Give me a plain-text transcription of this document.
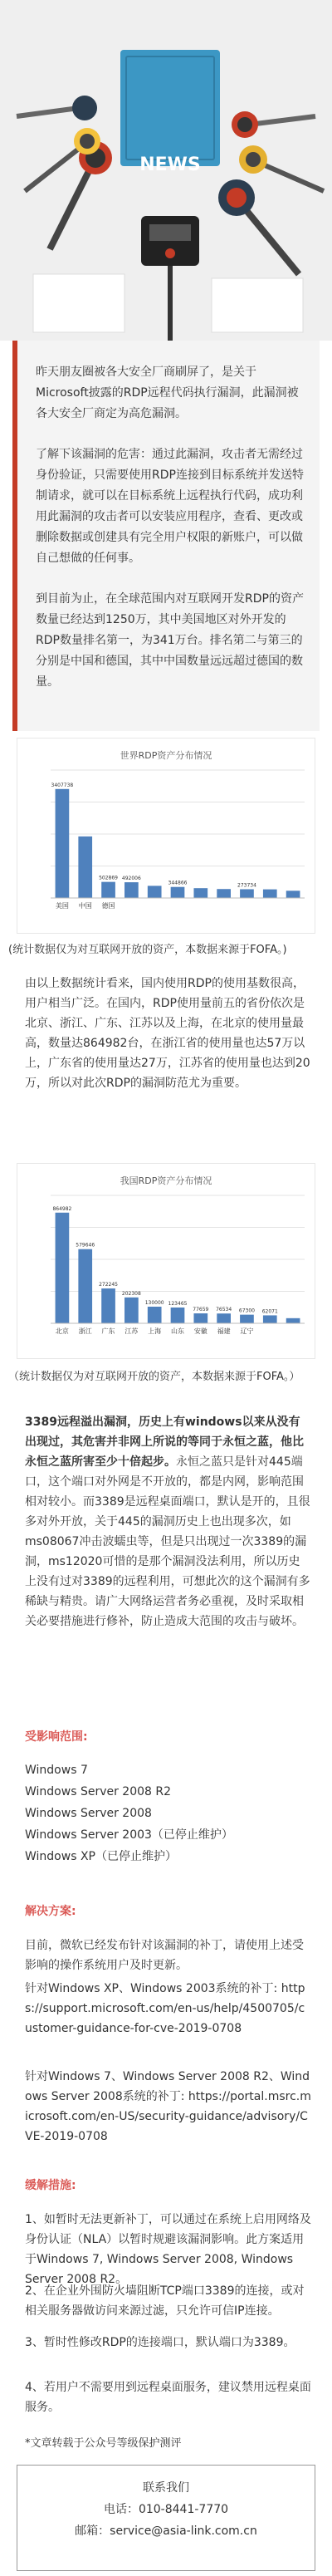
NEWS

昨天朋友圈被各大安全厂商刷屏了，是关于Microsoft披露的RDP远程代码执行漏洞，此漏洞被各大安全厂商定为高危漏洞。

了解下该漏洞的危害：通过此漏洞，攻击者无需经过身份验证，只需要使用RDP连接到目标系统并发送特制请求，就可以在目标系统上远程执行代码，成功利用此漏洞的攻击者可以安装应用程序，查看、更改或删除数据或创建具有完全用户权限的新账户，可以做自己想做的任何事。

到目前为止，在全球范围内对互联网开发RDP的资产数量已经达到1250万，其中美国地区对外开发的RDP数量排名第一，为341万台。排名第二与第三的分别是中国和德国，其中中国数量远远超过德国的数量。

世界RDP资产分布情况
3407738
美国 中国
502869
德国
492006
344866	273734
(统计数据仅为对互联网开放的资产，本数据来源于FOFA。)
由以上数据统计看来，国内使用RDP的使用基数很高，用户相当广泛。在国内，RDP使用量前五的省份依次是北京、浙江、广东、江苏以及上海，在北京的使用量最高，数量达864982台，在浙江省的使用量也达57万以上，广东省的使用量达27万，江苏省的使用量也达到20万，所以对此次RDP的漏洞防范尤为重要。
我国RDP资产分布情况
864982
北京
579646
浙江
272245
广东
202308
江苏
130000
上海
123465
山东
77659
安徽
76534
福建
67300
辽宁
62071
（统计数据仅为对互联网开放的资产，本数据来源于FOFA。）
3389远程溢出漏洞，历史上有windows以来从没有出现过，其危害并非网上所说的等同于永恒之蓝，他比永恒之蓝所害至少十倍起步。永恒之蓝只是针对445端口，这个端口对外网是不开放的，都是内网，影响范围相对较小。而3389是远程桌面端口，默认是开的，且很多对外开放，关于445的漏洞历史上也出现多次，如ms08067冲击波蠕虫等，但是只出现过一次3389的漏洞，ms12020可惜的是那个漏洞没法利用，所以历史上没有过对3389的远程利用，可想此次的这个漏洞有多稀缺与精贵。请广大网络运营者务必重视，及时采取相关必要措施进行修补，防止造成大范围的攻击与破坏。
受影响范围:
Windows 7
Windows Server 2008 R2
Windows Server 2008
Windows Server 2003（已停止维护）
Windows XP（已停止维护）
解决方案:
目前，微软已经发布针对该漏洞的补丁，请使用上述受影响的操作系统用户及时更新。
针对Windows XP、Windows 2003系统的补丁: https://support.microsoft.com/en-us/help/4500705/customer-guidance-for-cve-2019-0708
针对Windows 7、Windows Server 2008 R2、Windows Server 2008系统的补丁: https://portal.msrc.microsoft.com/en-US/security-guidance/advisory/CVE-2019-0708
缓解措施:
1、如暂时无法更新补丁，可以通过在系统上启用网络及身份认证（NLA）以暂时规避该漏洞影响。此方案适用于Windows 7, Windows Server 2008, Windows Server 2008 R2。
2、在企业外围防火墙阻断TCP端口3389的连接，或对相关服务器做访问来源过滤，只允许可信IP连接。
3、暂时性修改RDP的连接端口，默认端口为3389。
4、若用户不需要用到远程桌面服务，建议禁用远程桌面服务。
*文章转载于公众号等级保护测评
联系我们
电话：010-8441-7770
邮箱：service@asia-link.com.cn
